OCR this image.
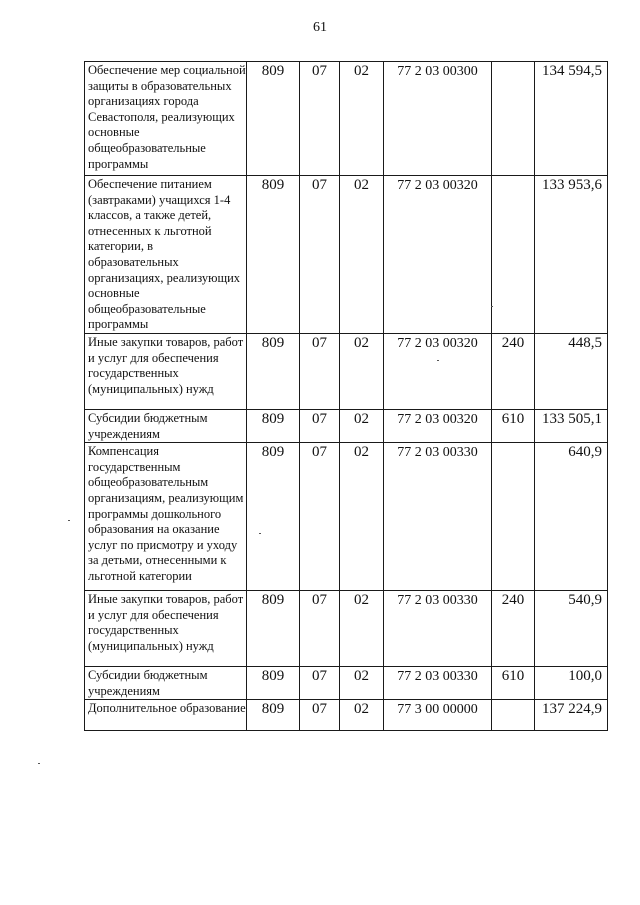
61
Обеспечение мер социальной защиты в образовательных организациях города Севастополя, реализующих основные общеобразовательные программы	809	07	02	77 2 03 00300		134 594,5
Обеспечение питанием (завтраками) учащихся 1-4 классов, а также детей, отнесенных к льготной категории, в образовательных организациях, реализующих основные общеобразовательные программы	809	07	02	77 2 03 00320		133 953,6
Иные закупки товаров, работ и услуг для обеспечения государственных (муниципальных) нужд	809	07	02	77 2 03 00320	240	448,5
Субсидии бюджетным учреждениям	809	07	02	77 2 03 00320	610	133 505,1
Компенсация государственным общеобразовательным организациям, реализующим программы дошкольного образования на оказание услуг по присмотру и уходу за детьми, отнесенными к льготной категории	809	07	02	77 2 03 00330		640,9
Иные закупки товаров, работ и услуг для обеспечения государственных (муниципальных) нужд	809	07	02	77 2 03 00330	240	540,9
Субсидии бюджетным учреждениям	809	07	02	77 2 03 00330	610	100,0
Дополнительное образование	809	07	02	77 3 00 00000		137 224,9
